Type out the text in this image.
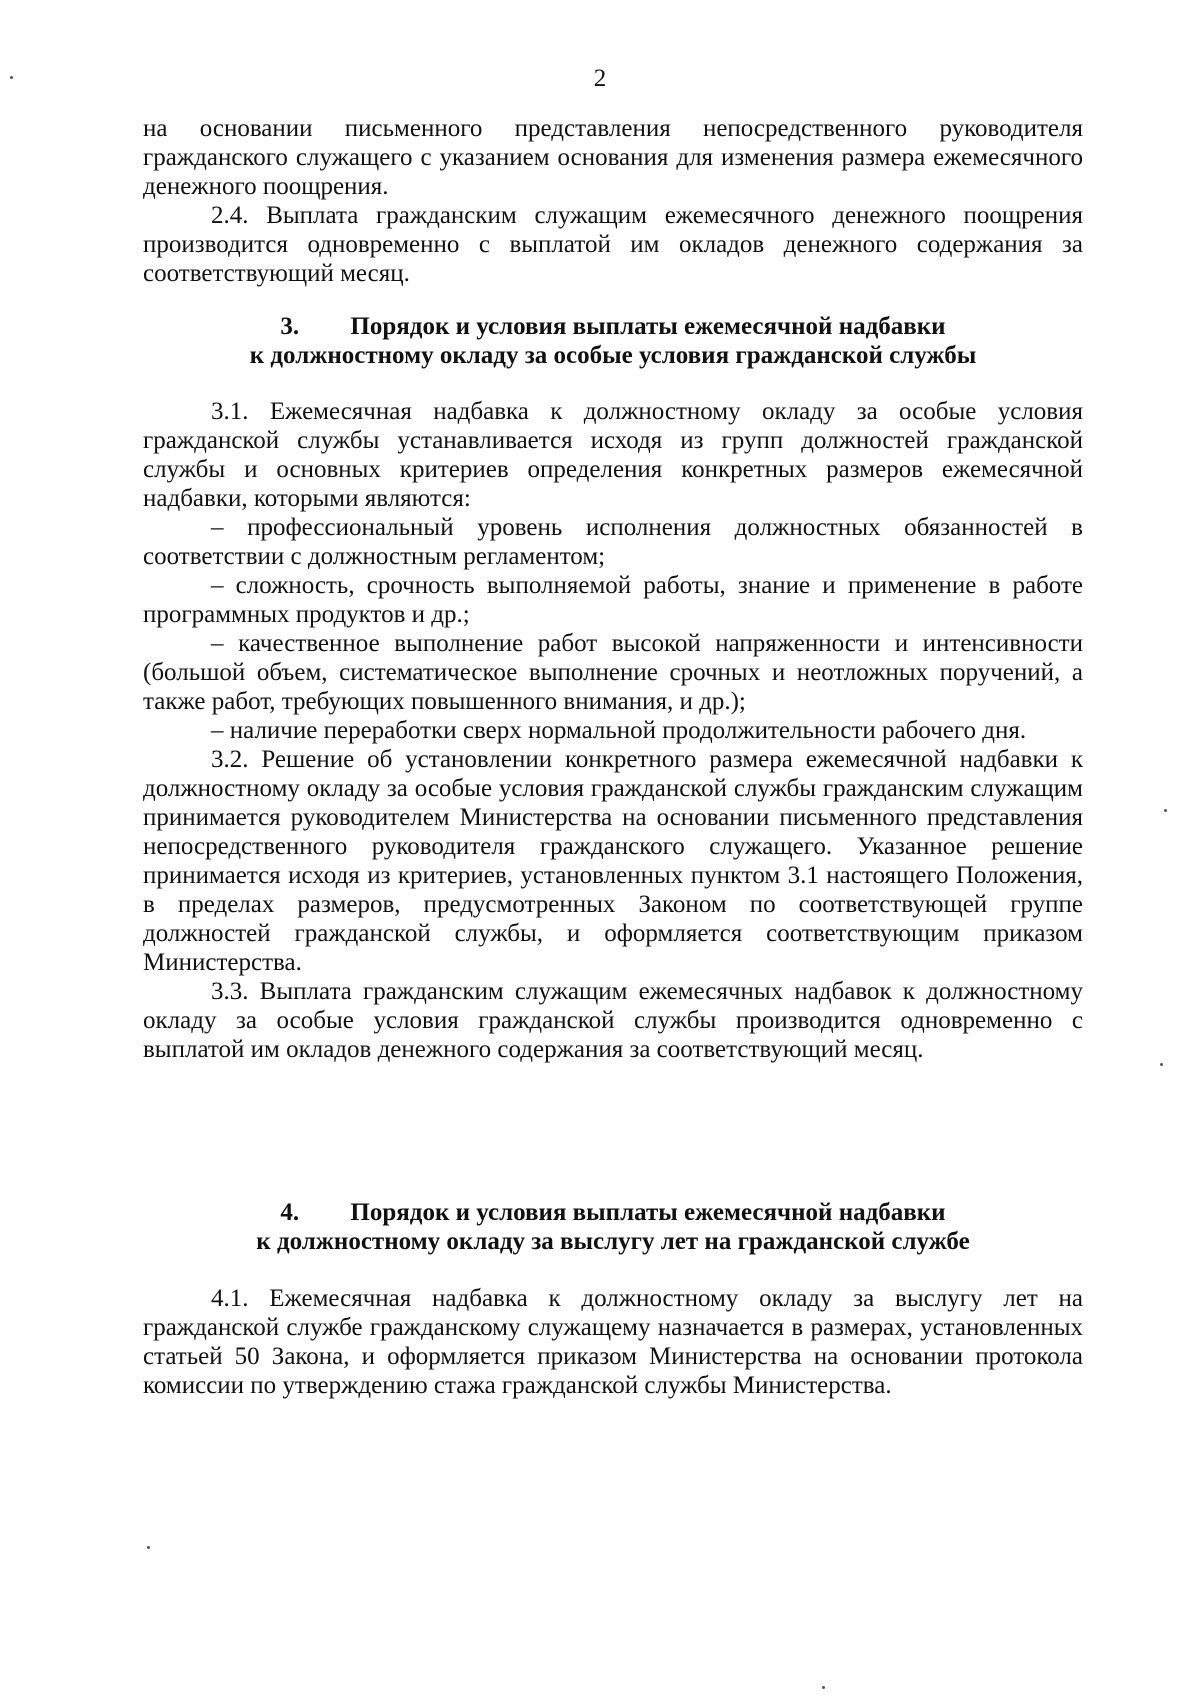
2

на основании письменного представления непосредственного руководителя гражданского служащего с указанием основания для изменения размера ежемесячного денежного поощрения.

2.4. Выплата гражданским служащим ежемесячного денежного поощрения производится одновременно с выплатой им окладов денежного содержания за соответствующий месяц.

3. Порядок и условия выплаты ежемесячной надбавки
к должностному окладу за особые условия гражданской службы

3.1. Ежемесячная надбавка к должностному окладу за особые условия гражданской службы устанавливается исходя из групп должностей гражданской службы и основных критериев определения конкретных размеров ежемесячной надбавки, которыми являются:

– профессиональный уровень исполнения должностных обязанностей в соответствии с должностным регламентом;

– сложность, срочность выполняемой работы, знание и применение в работе программных продуктов и др.;

– качественное выполнение работ высокой напряженности и интенсивности (большой объем, систематическое выполнение срочных и неотложных поручений, а также работ, требующих повышенного внимания, и др.);

– наличие переработки сверх нормальной продолжительности рабочего дня.

3.2. Решение об установлении конкретного размера ежемесячной надбавки к должностному окладу за особые условия гражданской службы гражданским служащим принимается руководителем Министерства на основании письменного представления непосредственного руководителя гражданского служащего. Указанное решение принимается исходя из критериев, установленных пунктом 3.1 настоящего Положения, в пределах размеров, предусмотренных Законом по соответствующей группе должностей гражданской службы, и оформляется соответствующим приказом Министерства.

3.3. Выплата гражданским служащим ежемесячных надбавок к должностному окладу за особые условия гражданской службы производится одновременно с выплатой им окладов денежного содержания за соответствующий месяц.

4. Порядок и условия выплаты ежемесячной надбавки
к должностному окладу за выслугу лет на гражданской службе

4.1. Ежемесячная надбавка к должностному окладу за выслугу лет на гражданской службе гражданскому служащему назначается в размерах, установленных статьей 50 Закона, и оформляется приказом Министерства на основании протокола комиссии по утверждению стажа гражданской службы Министерства.
